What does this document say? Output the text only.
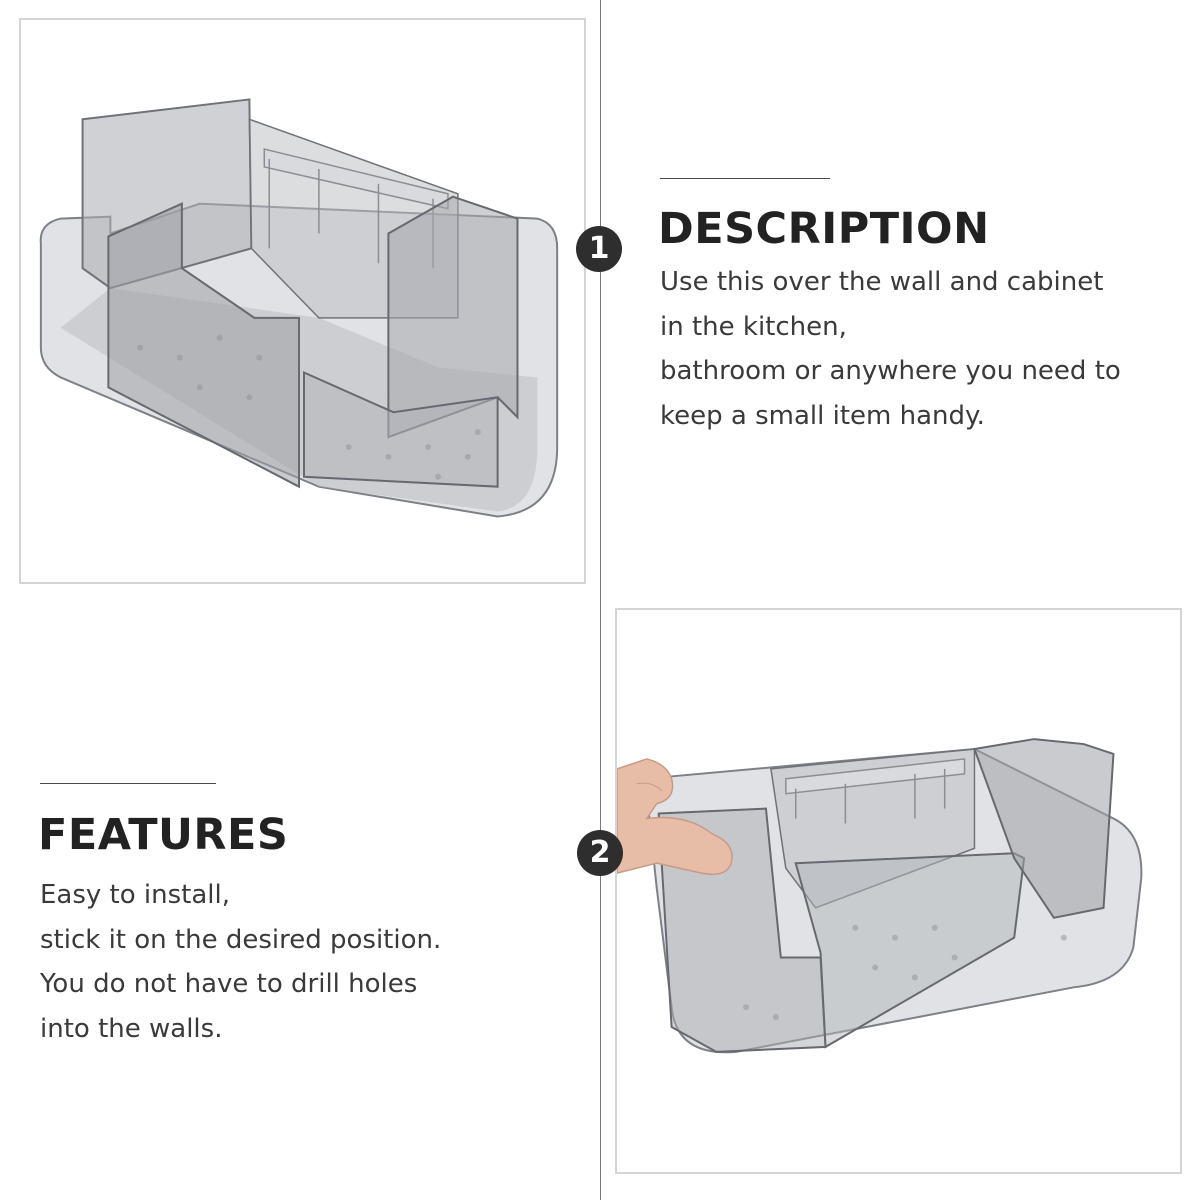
1
2
DESCRIPTION

Use this over the wall and cabinet

in the kitchen,

bathroom or anywhere you need to

keep a small item handy.

FEATURES

Easy to install,

stick it on the desired position.

You do not have to drill holes

into the walls.
